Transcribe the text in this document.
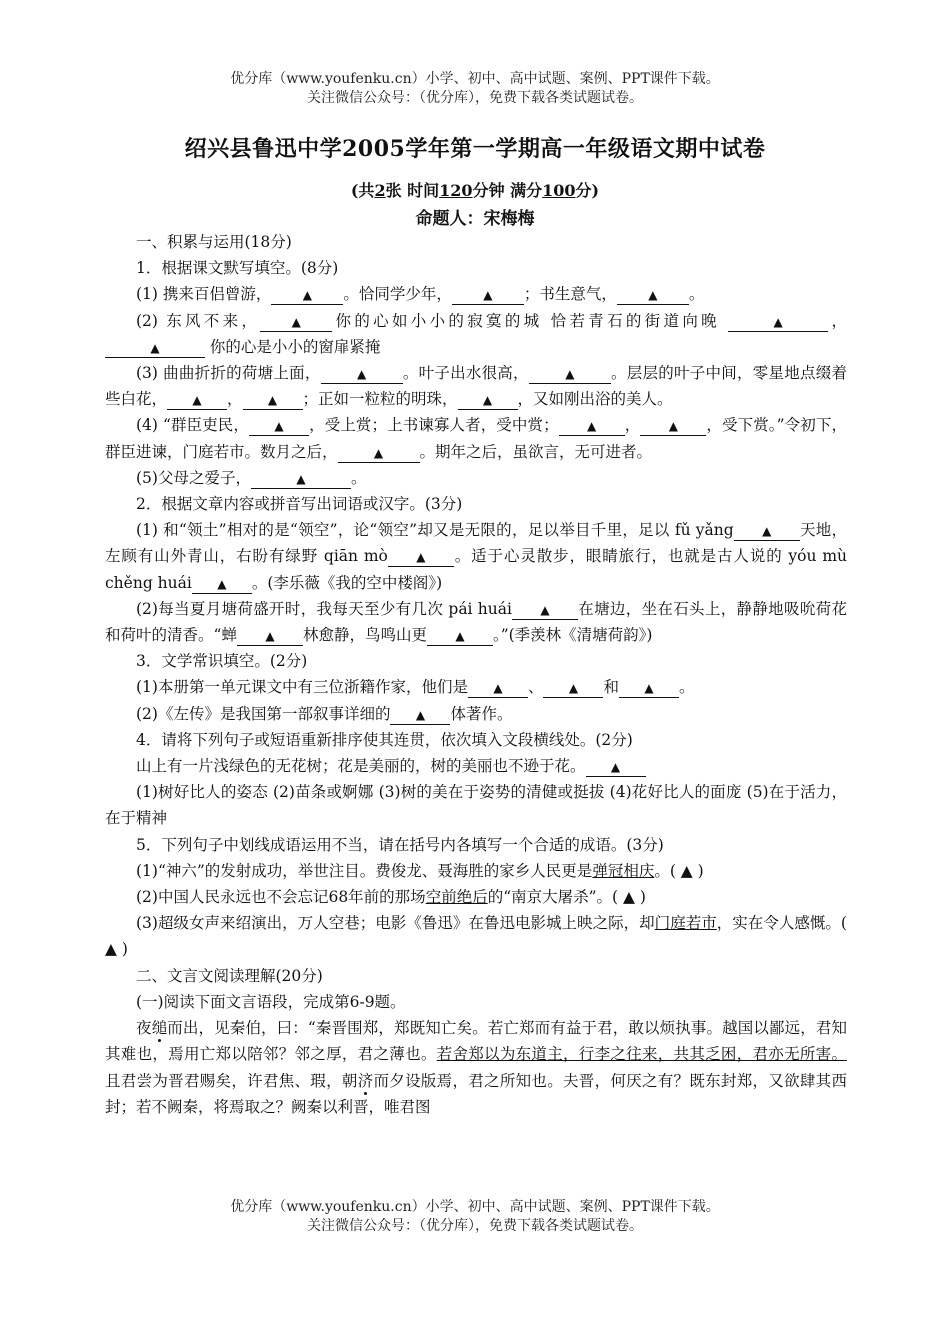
优分库（www.youfenku.cn）小学、初中、高中试题、案例、PPT课件下载。
关注微信公众号：（优分库），免费下载各类试题试卷。
绍兴县鲁迅中学2005学年第一学期高一年级语文期中试卷
(共2张 时间120分钟 满分100分)
命题人：宋梅梅

一、积累与运用(18分)

1．根据课文默写填空。(8分)

(1) 携来百侣曾游，	▲ 。恰同学少年，	▲ ；书生意气，	▲ 。

(2) 东风不来，	▲ 你的心如小小的寂寞的城 恰若青石的街道向晚	▲	，▲	你的心是小小的窗扉紧掩

(3) 曲曲折折的荷塘上面，	▲ 。叶子出水很高，	▲ 。层层的叶子中间，零星地点缀着些白花， ▲ ， ▲ ；正如一粒粒的明珠， ▲ ，又如刚出浴的美人。

(4) “群臣吏民， ▲ ，受上赏；上书谏寡人者，受中赏； ▲ ， ▲ ，受下赏。”令初下，群臣进谏，门庭若市。数月之后，	▲ 。期年之后，虽欲言，无可进者。

(5)父母之爱子，	▲	。

2．根据文章内容或拼音写出词语或汉字。(3分)

(1) 和“领土”相对的是“领空”，论“领空”却又是无限的，足以举目千里，足以 fǔ yǎng ▲ 天地，左顾有山外青山，右盼有绿野 qiān mò ▲ 。适于心灵散步，眼睛旅行，也就是古人说的 yóu mù chěng huái ▲ 。(李乐薇《我的空中楼阁》)

(2)每当夏月塘荷盛开时，我每天至少有几次 pái huái ▲ 在塘边，坐在石头上，静静地吸吮荷花和荷叶的清香。“蝉 ▲ 林愈静，鸟鸣山更 ▲ 。”(季羡林《清塘荷韵》)

3．文学常识填空。(2分)

(1)本册第一单元课文中有三位浙籍作家，他们是 ▲ 、 ▲ 和 ▲ 。

(2)《左传》是我国第一部叙事详细的 ▲ 体著作。

4．请将下列句子或短语重新排序使其连贯，依次填入文段横线处。(2分)

山上有一片浅绿色的无花树；花是美丽的，树的美丽也不逊于花。 ▲

(1)树好比人的姿态 (2)苗条或婀娜 (3)树的美在于姿势的清健或挺拔 (4)花好比人的面庞 (5)在于活力，在于精神

5．下列句子中划线成语运用不当，请在括号内各填写一个合适的成语。(3分)

(1)“神六”的发射成功，举世注目。费俊龙、聂海胜的家乡人民更是弹冠相庆。( ▲ )

(2)中国人民永远也不会忘记68年前的那场空前绝后的“南京大屠杀”。( ▲ )

(3)超级女声来绍演出，万人空巷；电影《鲁迅》在鲁迅电影城上映之际，却门庭若市，实在令人感慨。( ▲ )

二、文言文阅读理解(20分)

(一)阅读下面文言语段，完成第6-9题。

夜缒而出，见秦伯，曰：“秦晋围郑，郑既知亡矣。若亡郑而有益于君，敢以烦执事。越国以鄙远，君知其难也，焉用亡郑以陪邻？邻之厚，君之薄也。若舍郑以为东道主，行李之往来，共其乏困，君亦无所害。且君尝为晋君赐矣，许君焦、瑕，朝济而夕设版焉，君之所知也。夫晋，何厌之有？既东封郑，又欲肆其西封；若不阙秦，将焉取之？阙秦以利晋，唯君图

优分库（www.youfenku.cn）小学、初中、高中试题、案例、PPT课件下载。
关注微信公众号：（优分库），免费下载各类试题试卷。
